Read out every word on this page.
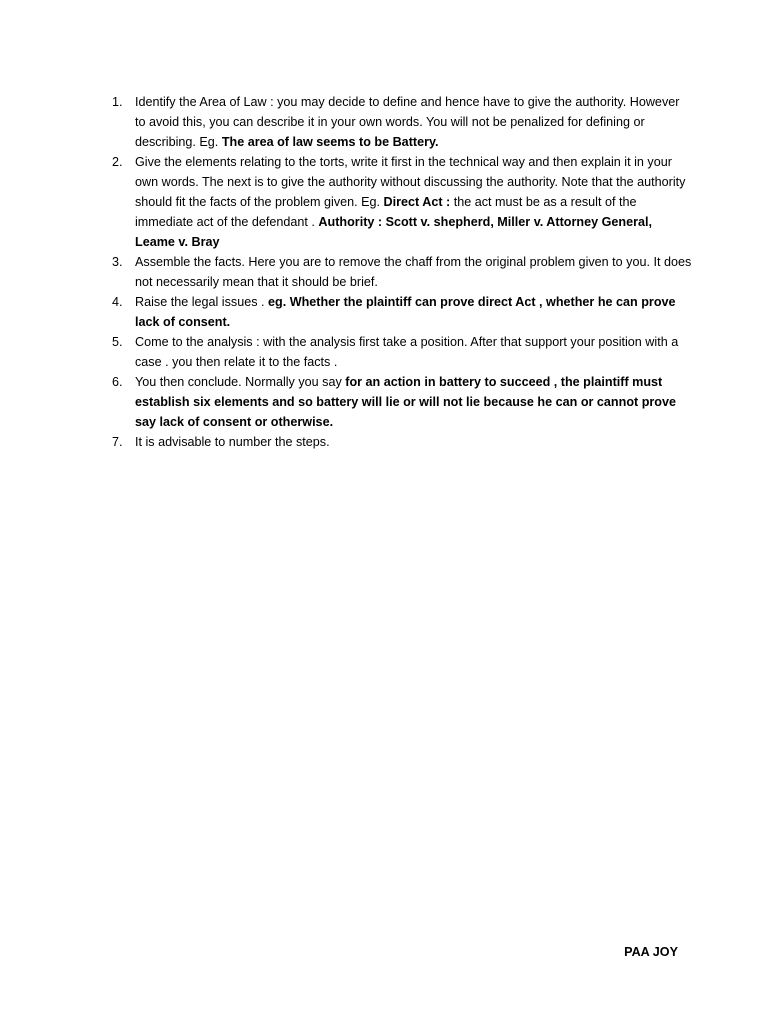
1. Identify the Area of Law : you may decide to define and hence have to give the authority. However to avoid this, you can describe it in your own words. You will not be penalized for defining or describing. Eg. The area of law seems to be Battery.
2. Give the elements relating to the torts, write it first in the technical way and then explain it in your own words. The next is to give the authority without discussing the authority. Note that the authority should fit the facts of the problem given. Eg. Direct Act : the act must be as a result of the immediate act of the defendant . Authority : Scott v. shepherd, Miller v. Attorney General, Leame v. Bray
3. Assemble the facts. Here you are to remove the chaff from the original problem given to you. It does not necessarily mean that it should be brief.
4. Raise the legal issues . eg. Whether the plaintiff can prove direct Act , whether he can prove lack of consent.
5. Come to the analysis : with the analysis first take a position. After that support your position with a case . you then relate it to the facts .
6. You then conclude. Normally you say for an action in battery to succeed , the plaintiff must establish six elements and so battery will lie or will not lie because he can or cannot prove say lack of consent or otherwise.
7. It is advisable to number the steps.
PAA JOY
